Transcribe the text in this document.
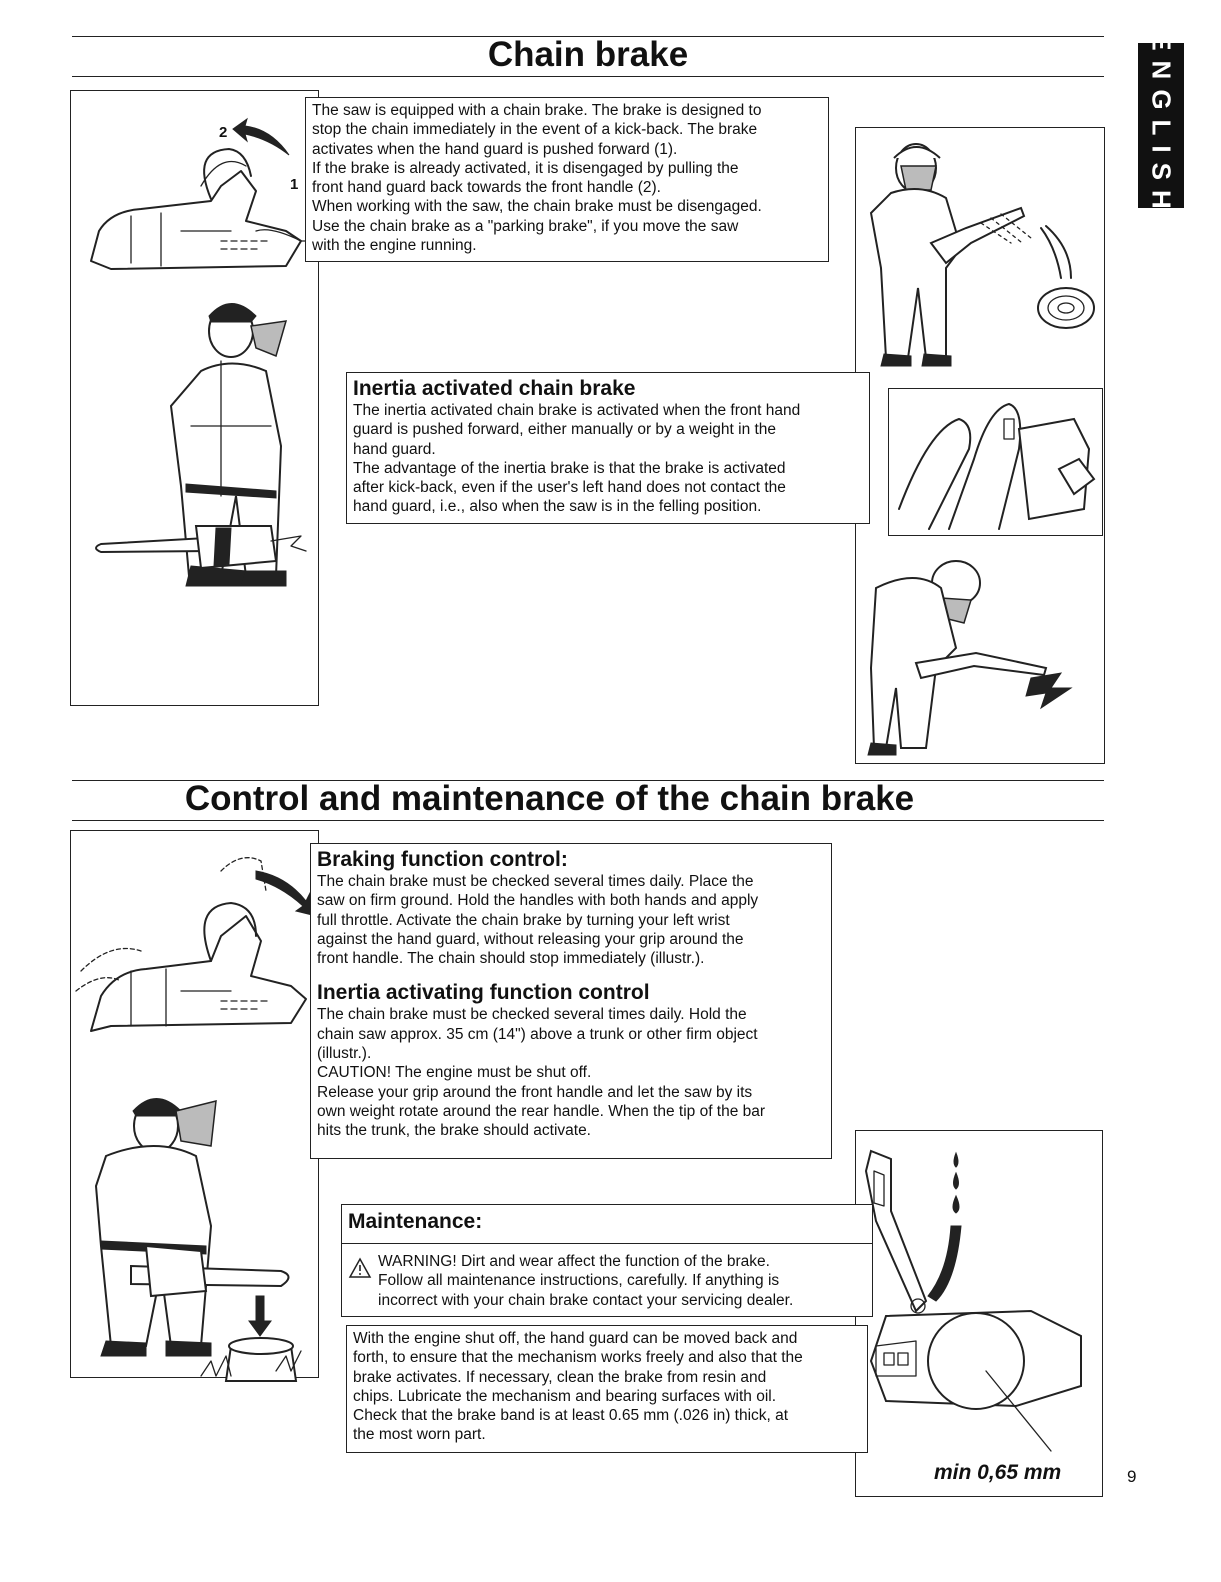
ENGLISH
Chain brake
2
1

The saw is equipped with a chain brake. The brake is designed to

stop the chain immediately in the event of a kick-back. The brake

activates when the hand guard is pushed forward (1).

If the brake is already activated, it is disengaged by pulling the

front hand guard back towards the front handle (2).

When working with the saw, the chain brake must be disengaged.

Use the chain brake as a "parking brake", if you move the saw

with the engine running.

Inertia activated chain brake

The inertia activated chain brake is activated when the front hand

guard is pushed forward, either manually or by a weight in the

hand guard.

The advantage of the inertia brake is that the brake is activated

after kick-back, even if the user's left hand does not contact the

hand guard, i.e., also when the saw is in the felling position.

Control and maintenance of the chain brake

Braking function control:

The chain brake must be checked several times daily. Place the

saw on firm ground. Hold the handles with both hands and apply

full throttle. Activate the chain brake by turning your left wrist

against the hand guard, without releasing your grip around the

front handle. The chain should stop immediately (illustr.).

Inertia activating function control

The chain brake must be checked several times daily. Hold the

chain saw approx. 35 cm (14") above a trunk or other firm object

(illustr.).

CAUTION! The engine must be shut off.

Release your grip around the front handle and let the saw by its

own weight rotate around the rear handle. When the tip of the bar

hits the trunk, the brake should activate.

min 0,65 mm

Maintenance:

WARNING! Dirt and wear affect the function of the brake.

Follow all maintenance instructions, carefully. If anything is

incorrect with your chain brake contact your servicing dealer.

With the engine shut off, the hand guard can be moved back and

forth, to ensure that the mechanism works freely and also that the

brake activates. If necessary, clean the brake from resin and

chips. Lubricate the mechanism and bearing surfaces with oil.

Check that the brake band is at least 0.65 mm (.026 in) thick, at

the most worn part.

9
